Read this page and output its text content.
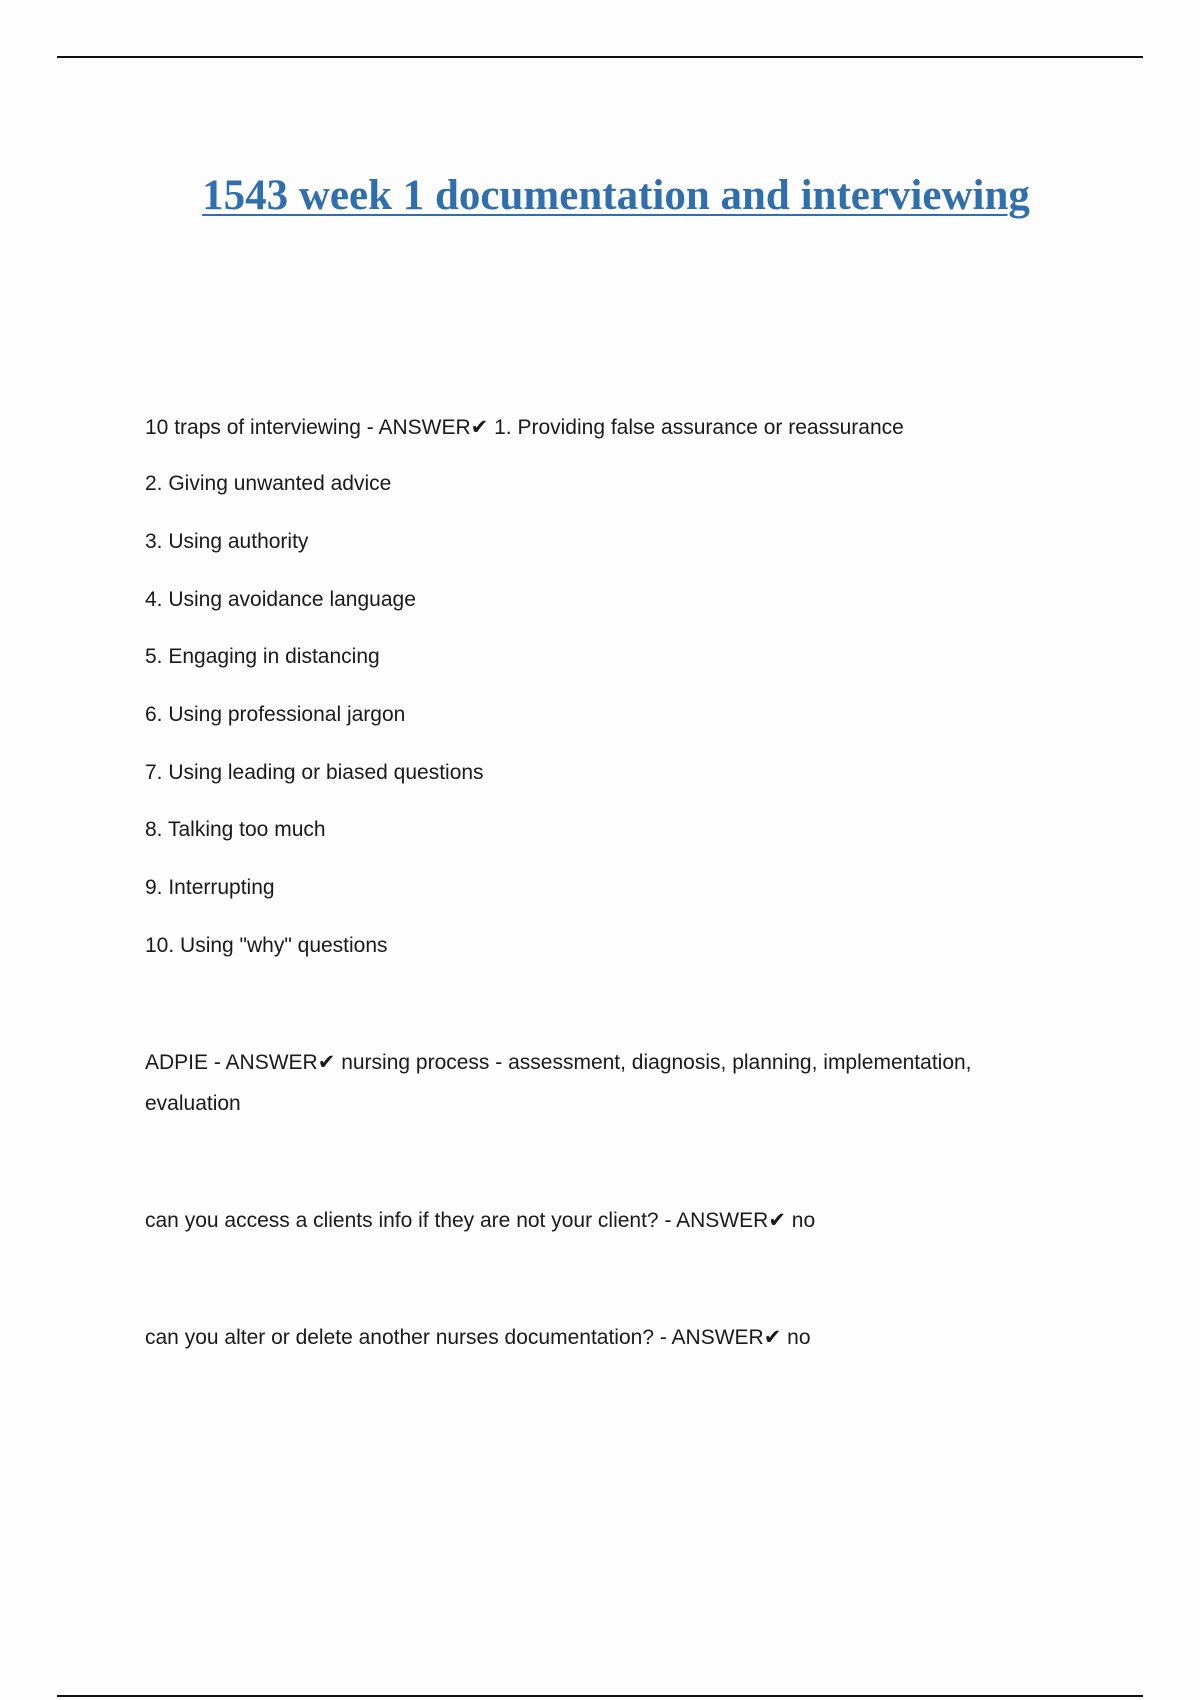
1543 week 1 documentation and interviewing
10 traps of interviewing - ANSWER✔ 1. Providing false assurance or reassurance
2. Giving unwanted advice
3. Using authority
4. Using avoidance language
5. Engaging in distancing
6. Using professional jargon
7. Using leading or biased questions
8. Talking too much
9. Interrupting
10. Using "why" questions
ADPIE - ANSWER✔ nursing process - assessment, diagnosis, planning, implementation,
evaluation
can you access a clients info if they are not your client? - ANSWER✔ no
can you alter or delete another nurses documentation? - ANSWER✔ no
